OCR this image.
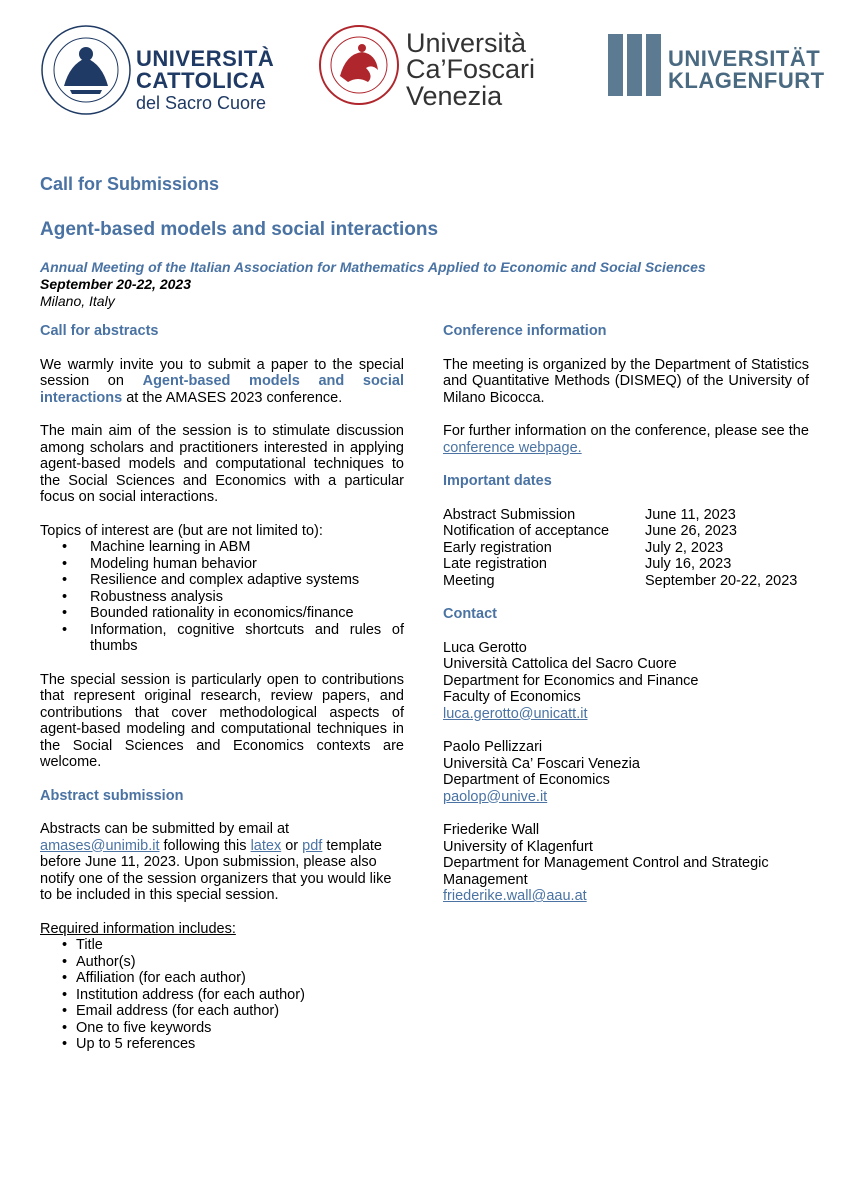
UNIVERSITÀ
CATTOLICA
del Sacro Cuore
Università
Ca’Foscari
Venezia
UNIVERSITÄT
KLAGENFURT
Call for Submissions
Agent-based models and social interactions
Annual Meeting of the Italian Association for Mathematics Applied to Economic and Social Sciences
September 20-22, 2023
Milano, Italy
Call for abstracts

We warmly invite you to submit a paper to the special session on Agent-based models and social interactions at the AMASES 2023 conference.

The main aim of the session is to stimulate discussion among scholars and practitioners interested in applying agent-based models and computational techniques to the Social Sciences and Economics with a particular focus on social interactions.

Topics of interest are (but are not limited to):

• Machine learning in ABM
• Modeling human behavior
• Resilience and complex adaptive systems
• Robustness analysis
• Bounded rationality in economics/finance
• Information, cognitive shortcuts and rules of thumbs

The special session is particularly open to contributions that represent original research, review papers, and contributions that cover methodological aspects of agent-based modeling and computational techniques in the Social Sciences and Economics contexts are welcome.

Abstract submission

Abstracts can be submitted by email at
amases@unimib.it following this latex or pdf template before June 11, 2023. Upon submission, please also notify one of the session organizers that you would like to be included in this special session.

Required information includes:

• Title
• Author(s)
• Affiliation (for each author)
• Institution address (for each author)
• Email address (for each author)
• One to five keywords
• Up to 5 references
Conference information

The meeting is organized by the Department of Statistics and Quantitative Methods (DISMEQ) of the University of Milano Bicocca.

For further information on the conference, please see the
conference webpage.

Important dates
Abstract Submission	June 11, 2023
Notification of acceptance	June 26, 2023
Early registration	July 2, 2023
Late registration	July 16, 2023
Meeting	September 20-22, 2023
Contact
Luca Gerotto
Università Cattolica del Sacro Cuore
Department for Economics and Finance
Faculty of Economics
luca.gerotto@unicatt.it
Paolo Pellizzari
Università Ca’ Foscari Venezia
Department of Economics
paolop@unive.it
Friederike Wall
University of Klagenfurt
Department for Management Control and Strategic Management
friederike.wall@aau.at
